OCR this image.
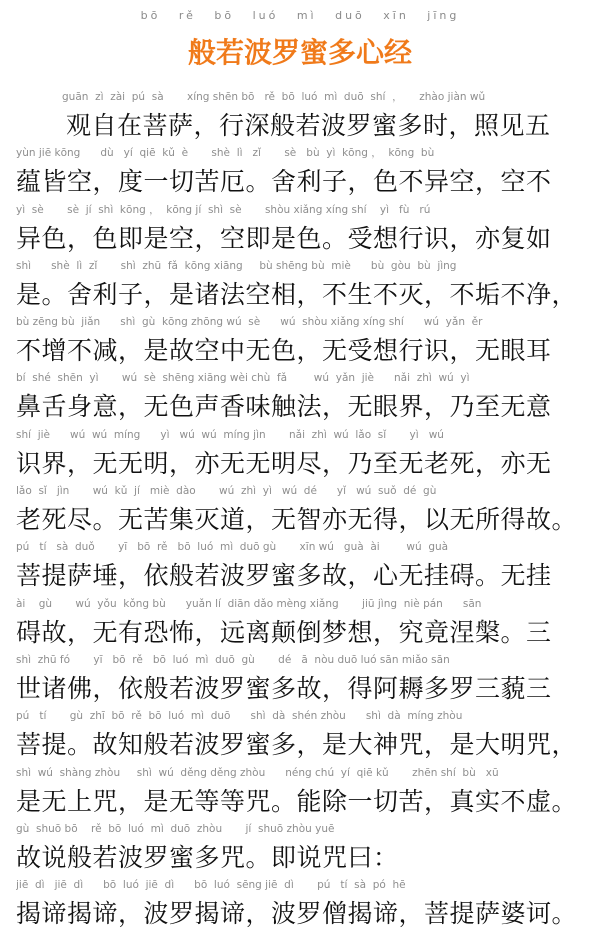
bō rě bō luó mì duō xīn jīng
般若波罗蜜多心经
guān  zì  zài  pú  sà       xíng shēn bō   rě  bō  luó  mì  duō  shí  ，     zhào jiàn wǔ
观自在菩萨，行深般若波罗蜜多时，照见五
yùn jiē kōng      dù   yí  qiē  kǔ  è       shè  lì   zǐ       sè   bù  yì  kōng ，  kōng  bù
蕴皆空，度一切苦厄。舍利子，色不异空，空不
yì  sè       sè  jí  shì  kōng ，  kōng jí  shì  sè       shòu xiǎng xíng shí    yì   fù   rú
异色，色即是空，空即是色。受想行识，亦复如
shì      shè  lì  zǐ       shì  zhū  fǎ  kōng xiāng     bù shēng bù  miè      bù  gòu  bù  jìng
是。舍利子，是诸法空相，不生不灭，不垢不净，
bù zēng bù  jiǎn      shì  gù  kōng zhōng wú  sè      wú  shòu xiǎng xíng shí      wú  yǎn  ěr
不增不减，是故空中无色，无受想行识，无眼耳
bí  shé  shēn  yì       wú  sè  shēng xiāng wèi chù  fǎ        wú  yǎn  jiè      nǎi  zhì  wú  yì
鼻舌身意，无色声香味触法，无眼界，乃至无意
shí  jiè      wú  wú  míng      yì   wú  wú  míng jìn       nǎi  zhì  wú  lǎo  sǐ       yì   wú
识界，无无明，亦无无明尽，乃至无老死，亦无
lǎo  sǐ   jìn       wú  kǔ  jí   miè  dào       wú  zhì  yì   wú  dé      yǐ   wú  suǒ  dé  gù
老死尽。无苦集灭道，无智亦无得，以无所得故。
pú   tí   sà  duǒ       yī   bō  rě   bō  luó  mì  duō gù       xīn wú   guà  ài        wú  guà
菩提萨埵，依般若波罗蜜多故，心无挂碍。无挂
ài    gù       wú  yǒu  kǒng bù      yuǎn lí  diān dǎo mèng xiǎng       jiū jìng  niè pán      sān
碍故，无有恐怖，远离颠倒梦想，究竟涅槃。三
shì  zhū fó       yī   bō  rě   bō  luó  mì  duō  gù       dé   ā  nòu duō luó sān miǎo sān
世诸佛，依般若波罗蜜多故，得阿耨多罗三藐三
pú   tí       gù  zhī  bō  rě  bō  luó  mì  duō      shì  dà  shén zhòu      shì  dà  míng zhòu
菩提。故知般若波罗蜜多，是大神咒，是大明咒，
shì  wú  shàng zhòu     shì  wú  děng děng zhòu      néng chú  yí  qiē kǔ       zhēn shí  bù   xū
是无上咒，是无等等咒。能除一切苦，真实不虚。
gù  shuō bō    rě  bō  luó  mì  duō  zhòu       jí  shuō zhòu yuē
故说般若波罗蜜多咒。即说咒曰：
jiē  dì   jiē  dì      bō  luó  jiē  dì      bō  luó  sēng jiē  dì       pú   tí  sà  pó  hē
揭谛揭谛，波罗揭谛，波罗僧揭谛，菩提萨婆诃。
